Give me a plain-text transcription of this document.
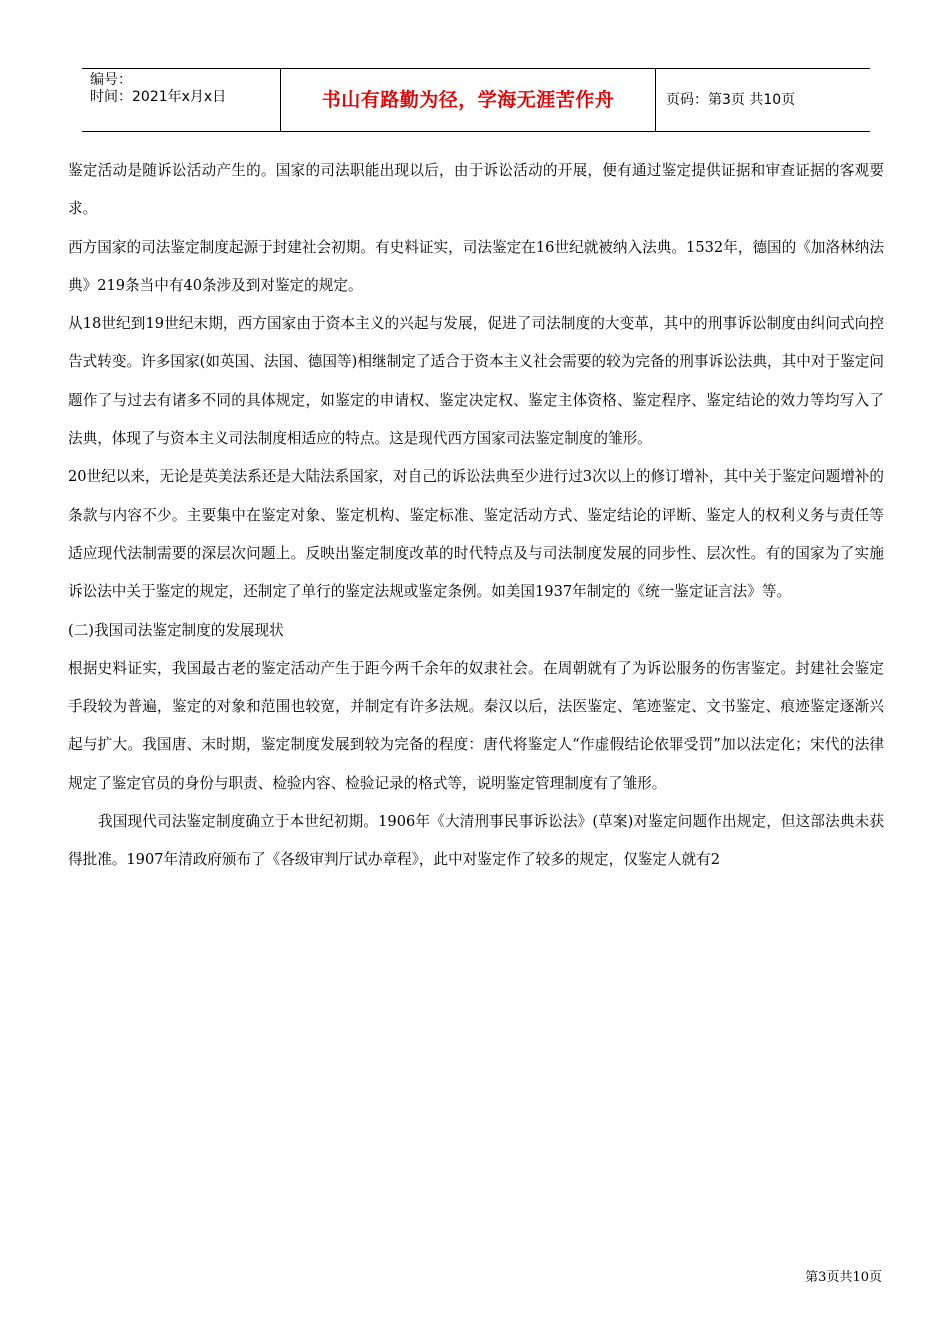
编号：
时间：2021年x月x日	书山有路勤为径，学海无涯苦作舟	页码：第3页 共10页

鉴定活动是随诉讼活动产生的。国家的司法职能出现以后，由于诉讼活动的开展，便有通过鉴定提供证据和审查证据的客观要求。

西方国家的司法鉴定制度起源于封建社会初期。有史料证实，司法鉴定在16世纪就被纳入法典。1532年，德国的《加洛林纳法典》219条当中有40条涉及到对鉴定的规定。

从18世纪到19世纪末期，西方国家由于资本主义的兴起与发展，促进了司法制度的大变革，其中的刑事诉讼制度由纠问式向控告式转变。许多国家(如英国、法国、德国等)相继制定了适合于资本主义社会需要的较为完备的刑事诉讼法典，其中对于鉴定问题作了与过去有诸多不同的具体规定，如鉴定的申请权、鉴定决定权、鉴定主体资格、鉴定程序、鉴定结论的效力等均写入了法典，体现了与资本主义司法制度相适应的特点。这是现代西方国家司法鉴定制度的雏形。

20世纪以来，无论是英美法系还是大陆法系国家，对自己的诉讼法典至少进行过3次以上的修订增补，其中关于鉴定问题增补的条款与内容不少。主要集中在鉴定对象、鉴定机构、鉴定标准、鉴定活动方式、鉴定结论的评断、鉴定人的权利义务与责任等适应现代法制需要的深层次问题上。反映出鉴定制度改革的时代特点及与司法制度发展的同步性、层次性。有的国家为了实施诉讼法中关于鉴定的规定，还制定了单行的鉴定法规或鉴定条例。如美国1937年制定的《统一鉴定证言法》等。

(二)我国司法鉴定制度的发展现状

根据史料证实，我国最古老的鉴定活动产生于距今两千余年的奴隶社会。在周朝就有了为诉讼服务的伤害鉴定。封建社会鉴定手段较为普遍，鉴定的对象和范围也较宽，并制定有许多法规。秦汉以后，法医鉴定、笔迹鉴定、文书鉴定、痕迹鉴定逐渐兴起与扩大。我国唐、末时期，鉴定制度发展到较为完备的程度：唐代将鉴定人“作虚假结论依罪受罚”加以法定化；宋代的法律规定了鉴定官员的身份与职责、检验内容、检验记录的格式等，说明鉴定管理制度有了雏形。

我国现代司法鉴定制度确立于本世纪初期。1906年《大清刑事民事诉讼法》(草案)对鉴定问题作出规定，但这部法典未获得批准。1907年清政府颁布了《各级审判厅试办章程》，此中对鉴定作了较多的规定，仅鉴定人就有2

第3页共10页
